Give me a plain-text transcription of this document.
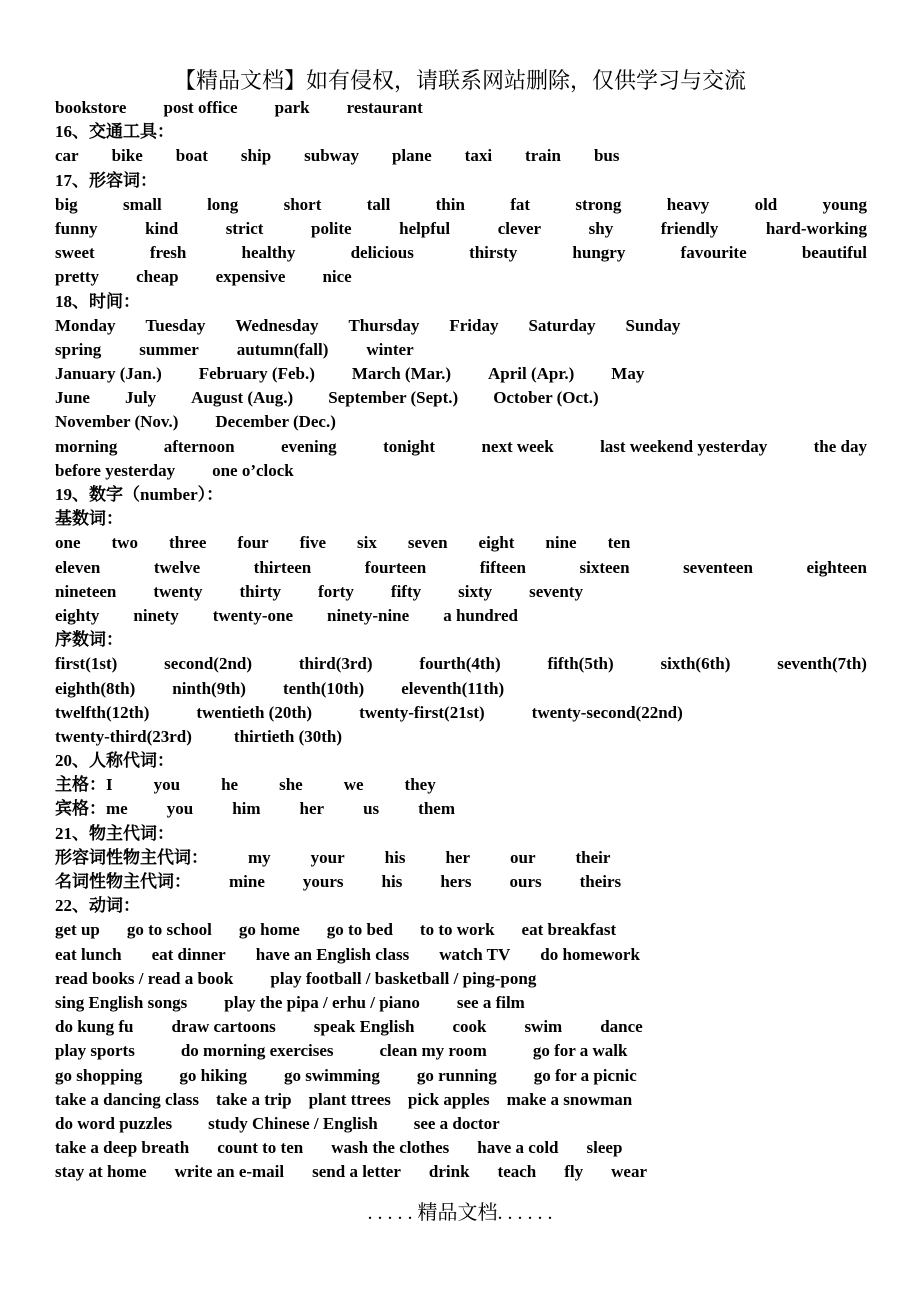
【精品文档】如有侵权，请联系网站删除，仅供学习与交流
bookstore post office park restaurant
16、交通工具：
car bike boat ship subway plane taxi train bus
17、形容词：
big	small	long	short	tall	thin	fat	strong	heavy	old	young
funny	kind	strict	polite	helpful	clever	shy	friendly	hard-working
sweet	fresh	healthy	delicious	thirsty	hungry	favourite	beautiful
pretty cheap expensive nice
18、时间：
Monday Tuesday Wednesday Thursday Friday Saturday Sunday
spring summer autumn(fall) winter
January (Jan.) February (Feb.) March (Mar.) April (Apr.) May
June July August (Aug.) September (Sept.) October (Oct.)
November (Nov.) December (Dec.)
morning	afternoon	evening	tonight	next week	last weekend yesterday	the day
before yesterday one o’clock
19、数字（number）：
基数词：
one two three four five six seven eight nine ten
eleven	twelve	thirteen	fourteen	fifteen	sixteen	seventeen	eighteen
nineteen twenty thirty forty fifty sixty seventy
eighty ninety twenty-one ninety-nine a hundred
序数词：
first(1st)	second(2nd)	third(3rd)	fourth(4th)	fifth(5th)	sixth(6th)	seventh(7th)
eighth(8th) ninth(9th) tenth(10th) eleventh(11th)
twelfth(12th)	twentieth (20th)	twenty-first(21st)	twenty-second(22nd)
twenty-third(23rd) thirtieth (30th)
20、人称代词：
主格：I you he she we they
宾格：me you him her us them
21、物主代词：
形容词性物主代词： my your his her our their
名词性物主代词： mine yours his hers ours theirs
22、动词：
get up go to school go home go to bed to to work eat breakfast
eat lunch eat dinner have an English class watch TV do homework
read books / read a book play football / basketball / ping-pong
sing English songs play the pipa / erhu / piano see a film
do kung fu draw cartoons speak English cook swim dance
play sports	do morning exercises	clean my room	go for a walk
go shopping go hiking go swimming go running go for a picnic
take a dancing class take a trip plant ttrees pick apples make a snowman
do word puzzles study Chinese / English see a doctor
take a deep breath count to ten wash the clothes have a cold sleep
stay at home write an e-mail send a letter drink teach fly wear
. . . . . 精品文档. . . . . .
